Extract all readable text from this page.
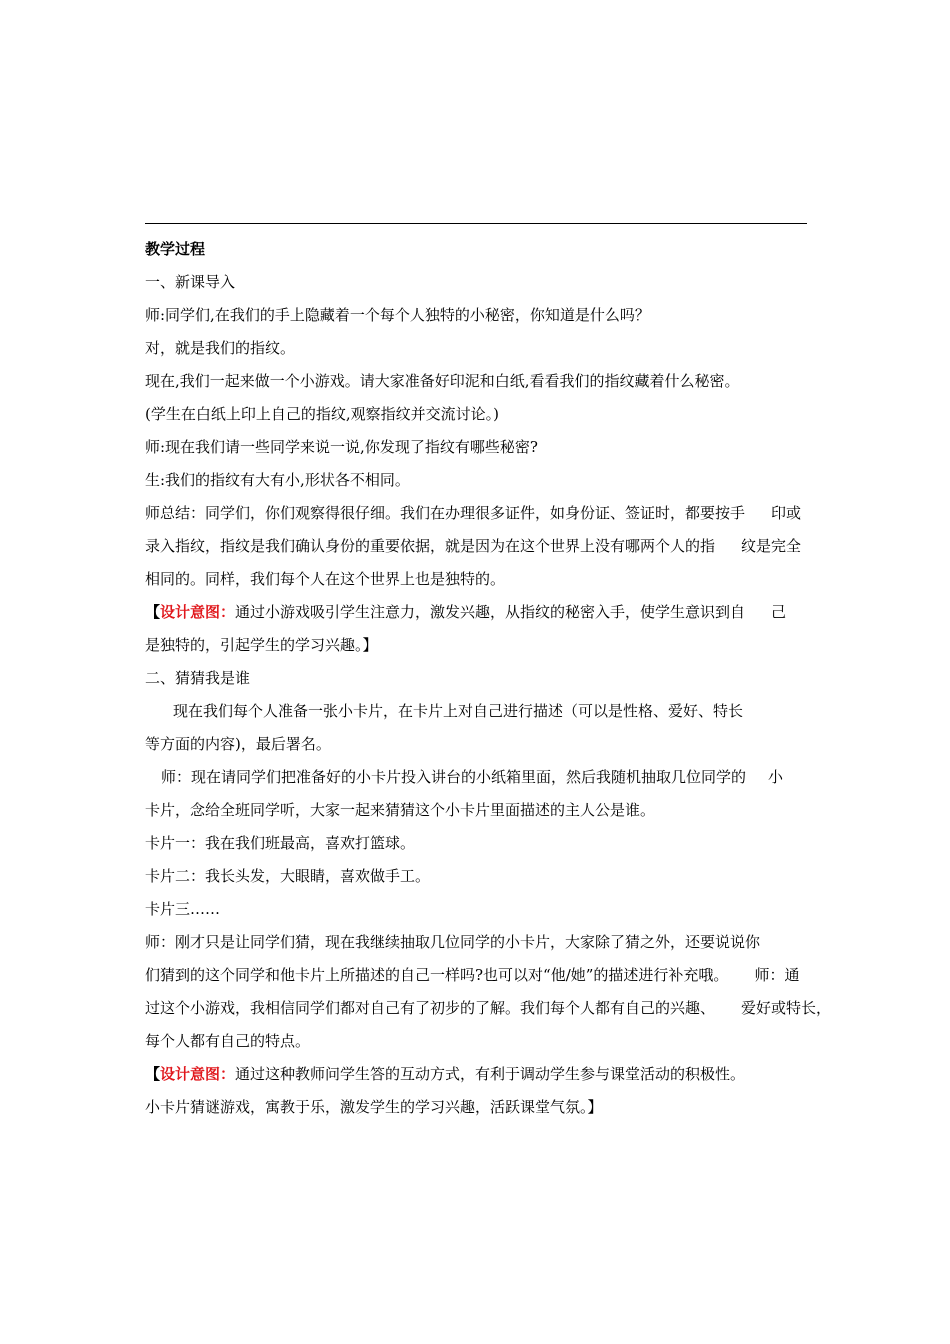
教学过程

一、新课导入

师:同学们,在我们的手上隐藏着一个每个人独特的小秘密，你知道是什么吗？

对，就是我们的指纹。

现在,我们一起来做一个小游戏。请大家准备好印泥和白纸,看看我们的指纹藏着什么秘密。

(学生在白纸上印上自己的指纹,观察指纹并交流讨论。)

师:现在我们请一些同学来说一说,你发现了指纹有哪些秘密?

生:我们的指纹有大有小,形状各不相同。

师总结：同学们，你们观察得很仔细。我们在办理很多证件，如身份证、签证时，都要按手 印或

录入指纹，指纹是我们确认身份的重要依据，就是因为在这个世界上没有哪两个人的指 纹是完全

相同的。同样，我们每个人在这个世界上也是独特的。

【设计意图：通过小游戏吸引学生注意力，激发兴趣，从指纹的秘密入手，使学生意识到自 己

是独特的，引起学生的学习兴趣。】

二、猜猜我是谁

现在我们每个人准备一张小卡片，在卡片上对自己进行描述（可以是性格、爱好、特长

等方面的内容)，最后署名。

师：现在请同学们把准备好的小卡片投入讲台的小纸箱里面，然后我随机抽取几位同学的 小

卡片，念给全班同学听，大家一起来猜猜这个小卡片里面描述的主人公是谁。

卡片一：我在我们班最高，喜欢打篮球。

卡片二：我长头发，大眼睛，喜欢做手工。

卡片三……

师：刚才只是让同学们猜，现在我继续抽取几位同学的小卡片，大家除了猜之外，还要说说你

们猜到的这个同学和他卡片上所描述的自己一样吗?也可以对“他/她”的描述进行补充哦。 师：通

过这个小游戏，我相信同学们都对自己有了初步的了解。我们每个人都有自己的兴趣、 爱好或特长，

每个人都有自己的特点。

【设计意图：通过这种教师问学生答的互动方式，有利于调动学生参与课堂活动的积极性。

小卡片猜谜游戏，寓教于乐，激发学生的学习兴趣，活跃课堂气氛。】
